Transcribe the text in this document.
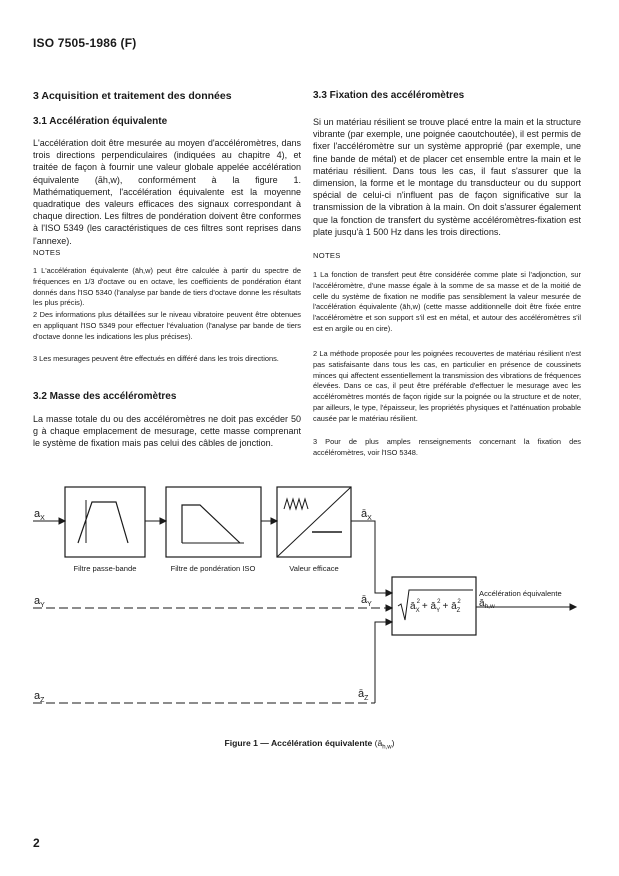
ISO 7505-1986 (F)
3 Acquisition et traitement des données
3.1 Accélération équivalente
L'accélération doit être mesurée au moyen d'accéléromètres, dans trois directions perpendiculaires (indiquées au chapitre 4), et traitée de façon à fournir une valeur globale appelée accélération équivalente (āh,w), conformément à la figure 1. Mathématiquement, l'accélération équivalente est la moyenne quadratique des valeurs efficaces des signaux correspondant à chaque direction. Les filtres de pondération doivent être conformes à l'ISO 5349 (les caractéristiques de ces filtres sont reprises dans l'annexe).
NOTES
1 L'accélération équivalente (āh,w) peut être calculée à partir du spectre de fréquences en 1/3 d'octave ou en octave, les coefficients de pondération étant donnés dans l'ISO 5340 (l'analyse par bande de tiers d'octave donne les résultats les plus précis).
2 Des informations plus détaillées sur le niveau vibratoire peuvent être obtenues en appliquant l'ISO 5349 pour effectuer l'évaluation (l'analyse par bande de tiers d'octave donne les indications les plus précises).
3 Les mesurages peuvent être effectués en différé dans les trois directions.
3.2 Masse des accéléromètres
La masse totale du ou des accéléromètres ne doit pas excéder 50 g à chaque emplacement de mesurage, cette masse comprenant le système de fixation mais pas celui des câbles de jonction.
3.3 Fixation des accéléromètres
Si un matériau résilient se trouve placé entre la main et la structure vibrante (par exemple, une poignée caoutchoutée), il est permis de fixer l'accéléromètre sur un système approprié (par exemple, une fine bande de métal) et de placer cet ensemble entre la main et le matériau résilient. Dans tous les cas, il faut s'assurer que la dimension, la forme et le montage du transducteur ou du support spécial de celui-ci n'influent pas de façon significative sur la transmission de la vibration à la main. On doit s'assurer également que la fonction de transfert du système accéléromètres-fixation est plate jusqu'à 1 500 Hz dans les trois directions.
NOTES
1 La fonction de transfert peut être considérée comme plate si l'adjonction, sur l'accéléromètre, d'une masse égale à la somme de sa masse et de la moitié de celle du système de fixation ne modifie pas sensiblement la valeur mesurée de l'accélération équivalente (āh,w) (cette masse additionnelle doit être fixée entre l'accéléromètre et son support s'il est en métal, et autour des accéléromètres s'il est en argile ou en cire).
2 La méthode proposée pour les poignées recouvertes de matériau résilient n'est pas satisfaisante dans tous les cas, en particulier en présence de coussinets minces qui affectent essentiellement la transmission des vibrations de fréquences élevées. Dans ce cas, il peut être préférable d'effectuer le mesurage avec les accéléromètres montés de façon rigide sur la poignée ou la structure et de noter, par ailleurs, le type, l'épaisseur, les propriétés physiques et l'atténuation probable causée par le matériau résilient.
3 Pour de plus amples renseignements concernant la fixation des accéléromètres, voir l'ISO 5348.
Filtre passe-bande	Filtre de pondération ISO	Valeur efficace
$ā_X2$ + $ā_Y2$ + $ā_Z2$
$a_X$
$a_Y$
$a_Z$
$ā_X$
$ā_Y$
$ā_Z$
Accélération équivalente
$ā_{h,w}$
Figure 1 — Accélération équivalente $(ā_{h,w})$
2
